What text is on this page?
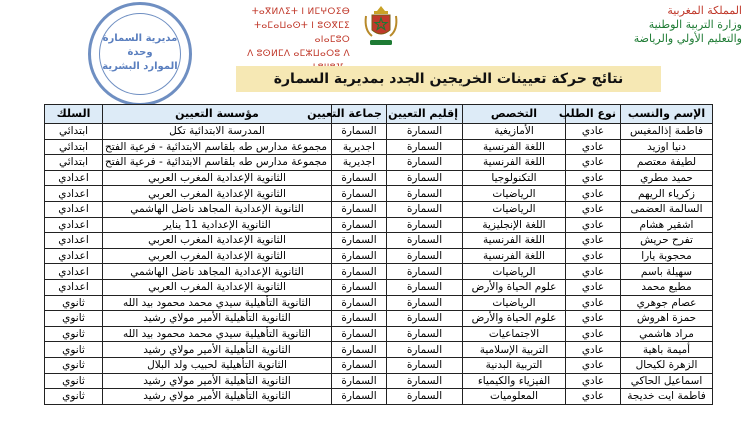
مديرية السمارة
وحدة
الموارد البشرية
ⵜⴰⴳⵍⴷⵉⵜ ⵏ ⵍⵎⵖⵔⵉⴱ
ⵜⴰⵎⴰⵡⴰⵙⵜ ⵏ ⵓⵙⴳⵎⵉ ⴰⵏⴰⵎⵓⵔ
ⴷ ⵓⵙⵍⵎⴷ ⴰⵎⵣⵡⴰⵔⵓ ⴷ
المملكة المغربية
وزارة التربية الوطنية
والتعليم الأولي والرياضة
نتائج حركة تعيينات الخريجين الجدد بمديرية السمارة
الإسم والنسب	نوع الطلب	التخصص	إقليم التعيين	جماعة التعيين	مؤسسة التعيين	السلك
فاطمة إذالمغيس	عادي	الأمازيغية	السمارة	السمارة	المدرسة الابتدائية تكل	ابتدائي
دنيا اوزيد	عادي	اللغة الفرنسية	السمارة	اجديرية	مجموعة مدارس طه بلقاسم الابتدائية - فرعية الفتح	ابتدائي
لطيفة معتصم	عادي	اللغة الفرنسية	السمارة	اجديرية	مجموعة مدارس طه بلقاسم الابتدائية - فرعية الفتح	ابتدائي
حميد مطري	عادي	التكنولوجيا	السمارة	السمارة	الثانوية الإعدادية المغرب العربي	اعدادي
زكرياء الريهم	عادي	الرياضيات	السمارة	السمارة	الثانوية الإعدادية المغرب العربي	اعدادي
السالمة العضمى	عادي	الرياضيات	السمارة	السمارة	الثانوية الإعدادية المجاهد ناضل الهاشمي	اعدادي
اشقير هشام	عادي	اللغة الإنجليزية	السمارة	السمارة	الثانوية الإعدادية 11 يناير	اعدادي
تفرح حريش	عادي	اللغة الفرنسية	السمارة	السمارة	الثانوية الإعدادية المغرب العربي	اعدادي
محجوبة يارا	عادي	اللغة الفرنسية	السمارة	السمارة	الثانوية الإعدادية المغرب العربي	اعدادي
سهيلة باسم	عادي	الرياضيات	السمارة	السمارة	الثانوية الإعدادية المجاهد ناضل الهاشمي	اعدادي
مطيع محمد	عادي	علوم الحياة والأرض	السمارة	السمارة	الثانوية الإعدادية المغرب العربي	اعدادي
عصام جوهري	عادي	الرياضيات	السمارة	السمارة	الثانوية التأهيلية سيدي محمد محمود بيد الله	ثانوي
حمزة اهروش	عادي	علوم الحياة والأرض	السمارة	السمارة	الثانوية التأهيلية الأمير مولاي رشيد	ثانوي
مراد هاشمي	عادي	الاجتماعيات	السمارة	السمارة	الثانوية التأهيلية سيدي محمد محمود بيد الله	ثانوي
أميمة باهية	عادي	التربية الإسلامية	السمارة	السمارة	الثانوية التأهيلية الأمير مولاي رشيد	ثانوي
الزهرة لكيحال	عادي	التربية البدنية	السمارة	السمارة	الثانوية التأهيلية لحبيب ولد البلال	ثانوي
اسماعيل الحاكي	عادي	الفيزياء والكيمياء	السمارة	السمارة	الثانوية التأهيلية الأمير مولاي رشيد	ثانوي
فاطمة ايت خديجة	عادي	المعلوميات	السمارة	السمارة	الثانوية التأهيلية الأمير مولاي رشيد	ثانوي
